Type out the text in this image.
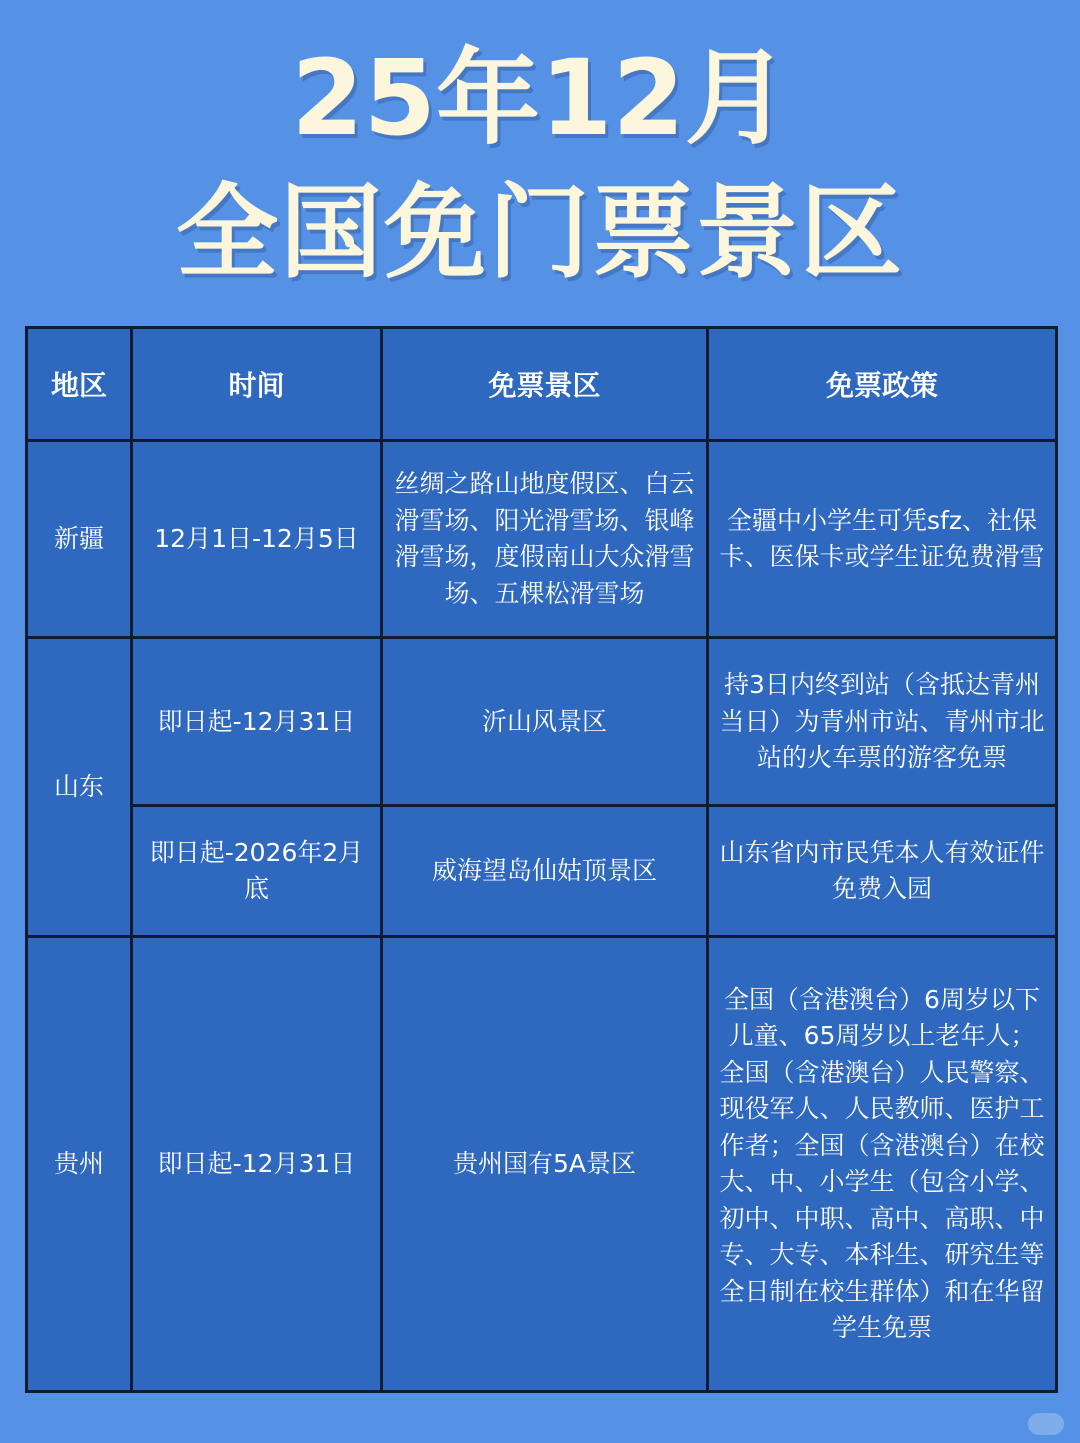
25年12月
全国免门票景区
地区	时间	免票景区	免票政策
新疆	12月1日-12月5日	丝绸之路山地度假区、白云滑雪场、阳光滑雪场、银峰滑雪场，度假南山大众滑雪场、五棵松滑雪场	全疆中小学生可凭sfz、社保卡、医保卡或学生证免费滑雪
山东	即日起-12月31日	沂山风景区	持3日内终到站（含抵达青州当日）为青州市站、青州市北站的火车票的游客免票
	即日起-2026年2月底	威海望岛仙姑顶景区	山东省内市民凭本人有效证件免费入园
贵州	即日起-12月31日	贵州国有5A景区	全国（含港澳台）6周岁以下儿童、65周岁以上老年人；全国（含港澳台）人民警察、现役军人、人民教师、医护工作者；全国（含港澳台）在校大、中、小学生（包含小学、初中、中职、高中、高职、中专、大专、本科生、研究生等全日制在校生群体）和在华留学生免票
